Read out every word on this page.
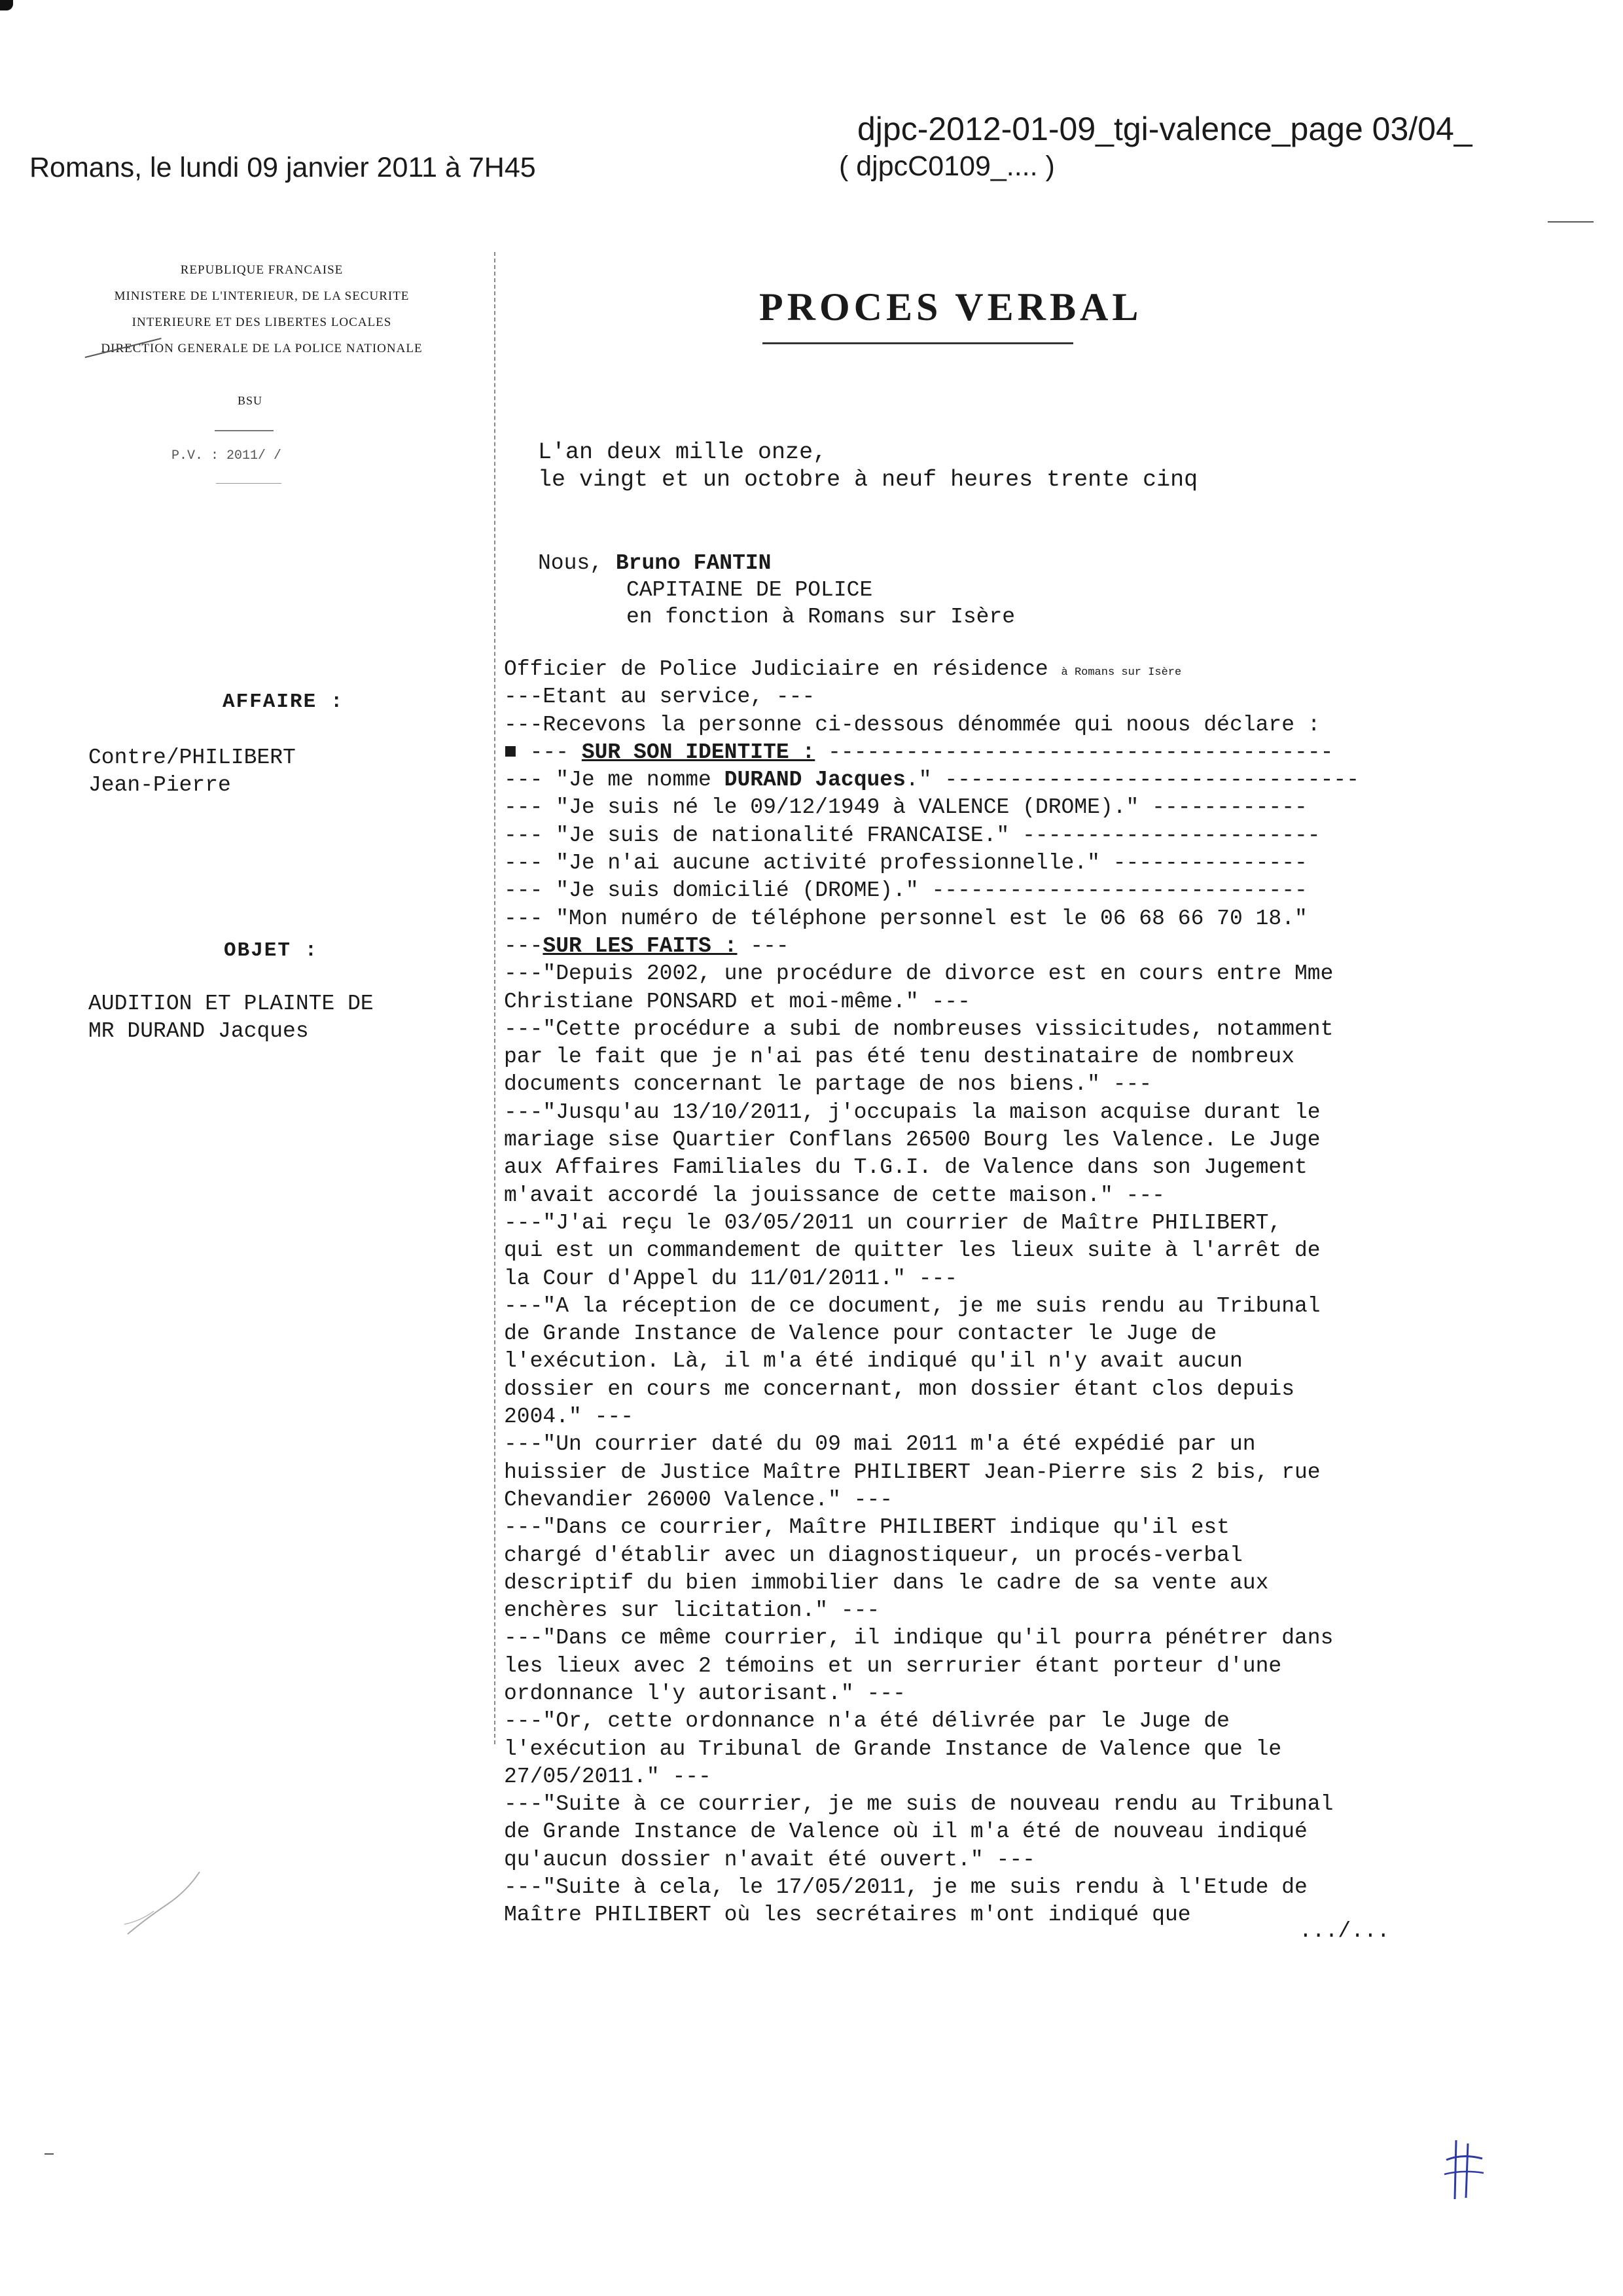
Romans, le lundi 09 janvier 2011 à 7H45
djpc-2012-01-09_tgi-valence_page 03/04_
( djpcC0109_.... )
REPUBLIQUE FRANCAISE
MINISTERE DE L'INTERIEUR, DE LA SECURITE
INTERIEURE ET DES LIBERTES LOCALES
DIRECTION GENERALE DE LA POLICE NATIONALE
BSU
P.V. : 2011/ /
PROCES VERBAL
L'an deux mille onze,
le vingt et un octobre à neuf heures trente cinq
Nous, Bruno FANTIN
CAPITAINE DE POLICE
en fonction à Romans sur Isère
AFFAIRE :
Contre/PHILIBERT
Jean-Pierre
OBJET :
AUDITION ET PLAINTE DE
MR DURAND Jacques
Officier de Police Judiciaire en résidence à Romans sur Isère
---Etant au service, ---
---Recevons la personne ci-dessous dénommée qui noous déclare :
■ --- SUR SON IDENTITE : ---------------------------------------
--- "Je me nomme DURAND Jacques." --------------------------------
--- "Je suis né le 09/12/1949 à VALENCE (DROME)." ------------
--- "Je suis de nationalité FRANCAISE." -----------------------
--- "Je n'ai aucune activité professionnelle." ---------------
--- "Je suis domicilié (DROME)." -----------------------------
--- "Mon numéro de téléphone personnel est le 06 68 66 70 18."
---SUR LES FAITS : ---
---"Depuis 2002, une procédure de divorce est en cours entre Mme
Christiane PONSARD et moi-même." ---
---"Cette procédure a subi de nombreuses vissicitudes, notamment
par le fait que je n'ai pas été tenu destinataire de nombreux
documents concernant le partage de nos biens." ---
---"Jusqu'au 13/10/2011, j'occupais la maison acquise durant le
mariage sise Quartier Conflans 26500 Bourg les Valence. Le Juge
aux Affaires Familiales du T.G.I. de Valence dans son Jugement
m'avait accordé la jouissance de cette maison." ---
---"J'ai reçu le 03/05/2011 un courrier de Maître PHILIBERT,
qui est un commandement de quitter les lieux suite à l'arrêt de
la Cour d'Appel du 11/01/2011." ---
---"A la réception de ce document, je me suis rendu au Tribunal
de Grande Instance de Valence pour contacter le Juge de
l'exécution. Là, il m'a été indiqué qu'il n'y avait aucun
dossier en cours me concernant, mon dossier étant clos depuis
2004." ---
---"Un courrier daté du 09 mai 2011 m'a été expédié par un
huissier de Justice Maître PHILIBERT Jean-Pierre sis 2 bis, rue
Chevandier 26000 Valence." ---
---"Dans ce courrier, Maître PHILIBERT indique qu'il est
chargé d'établir avec un diagnostiqueur, un procés-verbal
descriptif du bien immobilier dans le cadre de sa vente aux
enchères sur licitation." ---
---"Dans ce même courrier, il indique qu'il pourra pénétrer dans
les lieux avec 2 témoins et un serrurier étant porteur d'une
ordonnance l'y autorisant." ---
---"Or, cette ordonnance n'a été délivrée par le Juge de
l'exécution au Tribunal de Grande Instance de Valence que le
27/05/2011." ---
---"Suite à ce courrier, je me suis de nouveau rendu au Tribunal
de Grande Instance de Valence où il m'a été de nouveau indiqué
qu'aucun dossier n'avait été ouvert." ---
---"Suite à cela, le 17/05/2011, je me suis rendu à l'Etude de
Maître PHILIBERT où les secrétaires m'ont indiqué que
.../...
